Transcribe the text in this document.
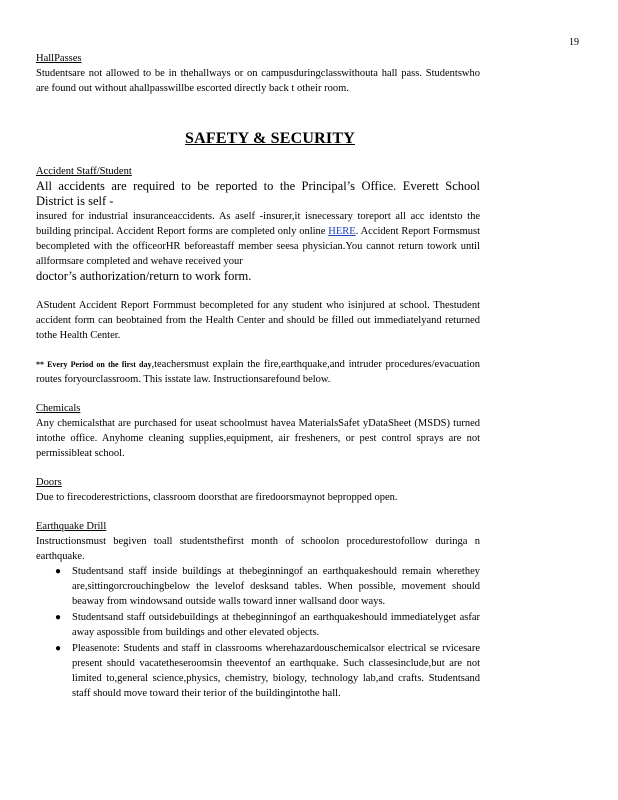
19

HallPasses

Studentsare not allowed to be in thehallways or on campusduringclasswithouta hall pass. Studentswho are found out without ahallpasswillbe escorted directly back t otheir room.

SAFETY & SECURITY

Accident Staff/Student

All accidents are required to be reported to the Principal’s Office. Everett School District is self -

insured for industrial insuranceaccidents. As aself -insurer,it isnecessary toreport all acc identsto the building principal. Accident Report forms are completed only online HERE. Accident Report Formsmust becompleted with the officeorHR beforeastaff member seesa physician.You cannot return towork until allformsare completed and wehave received your

doctor’s authorization/return to work form.

AStudent Accident Report Formmust becompleted for any student who isinjured at school. Thestudent accident form can beobtained from the Health Center and should be filled out immediatelyand returned tothe Health Center.

** Every Period on the first day,teachersmust explain the fire,earthquake,and intruder procedures/evacuation routes foryourclassroom. This isstate law. Instructionsarefound below.

Chemicals

Any chemicalsthat are purchased for useat schoolmust havea MaterialsSafet yDataSheet (MSDS) turned intothe office. Anyhome cleaning supplies,equipment, air fresheners, or pest control sprays are not permissibleat school.

Doors

Due to firecoderestrictions, classroom doorsthat are firedoorsmaynot bepropped open.

Earthquake Drill

Instructionsmust begiven toall studentsthefirst month of schoolon procedurestofollow duringa n earthquake.

● Studentsand staff inside buildings at thebeginningof an earthquakeshould remain wherethey are,sittingorcrouchingbelow the levelof desksand tables. When possible, movement should beaway from windowsand outside walls toward inner wallsand door ways.
● Studentsand staff outsidebuildings at thebeginningof an earthquakeshould immediatelyget asfar away aspossible from buildings and other elevated objects.
● Pleasenote: Students and staff in classrooms wherehazardouschemicalsor electrical se rvicesare present should vacatetheseroomsin theeventof an earthquake. Such classesinclude,but are not limited to,general science,physics, chemistry, biology, technology lab,and crafts. Studentsand staff should move toward their terior of the buildingintothe hall.
